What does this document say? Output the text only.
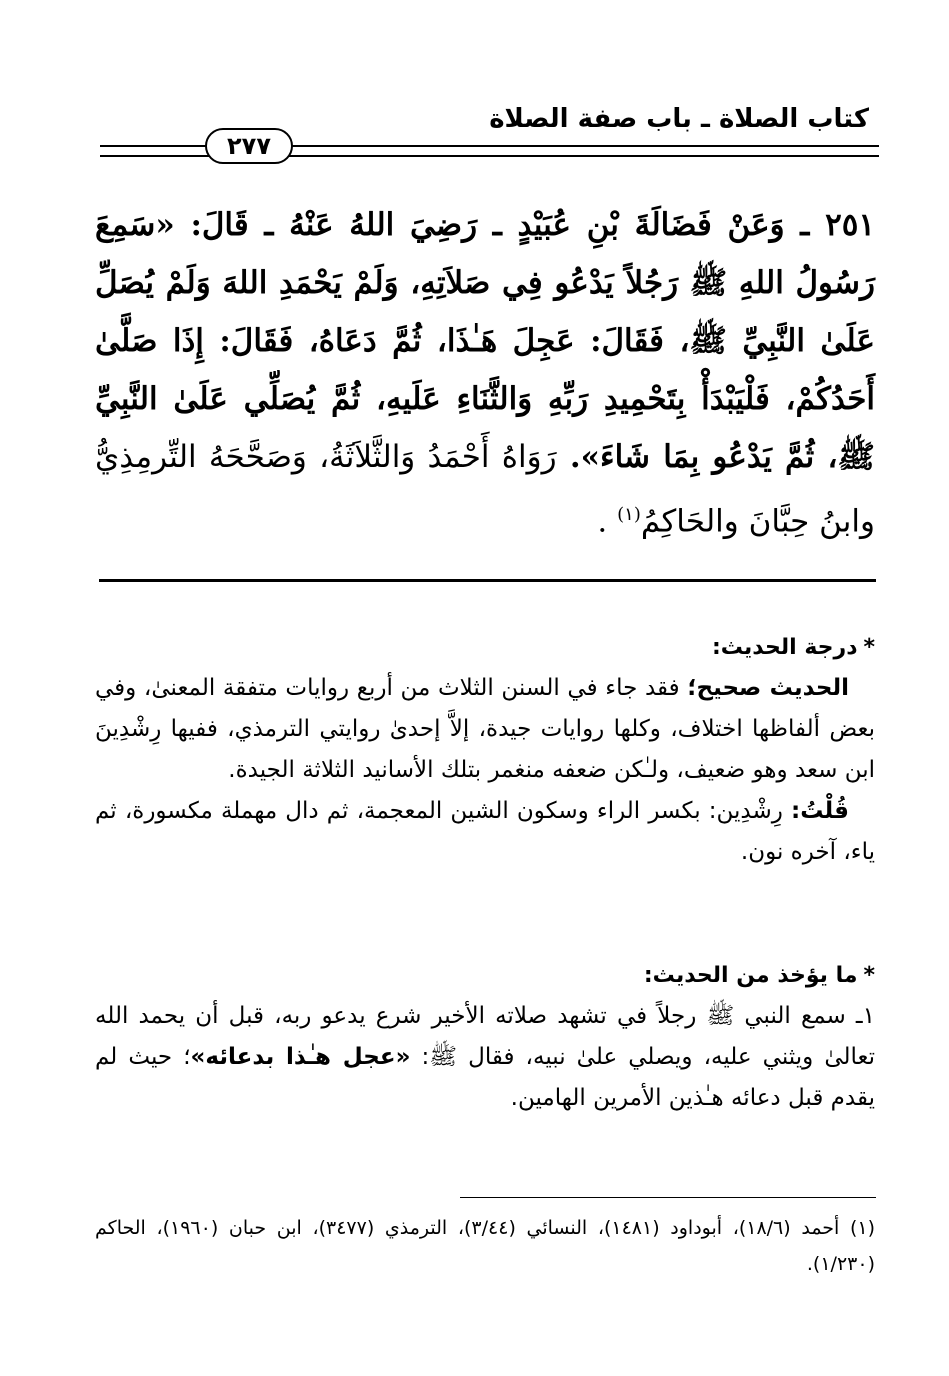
كتاب الصلاة ـ باب صفة الصلاة
٢٧٧
٢٥١ ـ وَعَنْ فَضَالَةَ بْنِ عُبَيْدٍ ـ رَضِيَ اللهُ عَنْهُ ـ قَالَ: «سَمِعَ رَسُولُ اللهِ ﷺ رَجُلاً يَدْعُو فِي صَلاَتِهِ، وَلَمْ يَحْمَدِ اللهَ وَلَمْ يُصَلِّ عَلَىٰ النَّبِيِّ ﷺ، فَقَالَ: عَجِلَ هَـٰذَا، ثُمَّ دَعَاهُ، فَقَالَ: إِذَا صَلَّىٰ أَحَدُكُمْ، فَلْيَبْدَأْ بِتَحْمِيدِ رَبِّهِ وَالثَّنَاءِ عَلَيهِ، ثُمَّ يُصَلِّي عَلَىٰ النَّبِيِّ ﷺ، ثُمَّ يَدْعُو بِمَا شَاءَ». رَوَاهُ أَحْمَدُ وَالثَّلاَثَةُ، وَصَحَّحَهُ التِّرمِذِيُّ وابنُ حِبَّانَ والحَاكِمُ$^{(١)}$ .
*درجة الحديث:
الحديث صحيح؛ فقد جاء في السنن الثلاث من أربع روايات متفقة المعنىٰ، وفي بعض ألفاظها اختلاف، وكلها روايات جيدة، إلاَّ إحدىٰ روايتي الترمذي، ففيها رِشْدِينَ ابن سعد وهو ضعيف، ولـٰكن ضعفه منغمر بتلك الأسانيد الثلاثة الجيدة.
قُلْتُ: رِشْدِين: بكسر الراء وسكون الشين المعجمة، ثم دال مهملة مكسورة، ثم ياء، آخره نون.
*ما يؤخذ من الحديث:
١ـ سمع النبي ﷺ رجلاً في تشهد صلاته الأخير شرع يدعو ربه، قبل أن يحمد الله تعالىٰ ويثني عليه، ويصلي علىٰ نبيه، فقال ﷺ: «عجل هـٰذا بدعائه»؛ حيث لم يقدم قبل دعائه هـٰذين الأمرين الهامين.
(١) أحمد (١٨/٦)، أبوداود (١٤٨١)، النسائي (٣/٤٤)، الترمذي (٣٤٧٧)، ابن حبان (١٩٦٠)، الحاكم (١/٢٣٠).
